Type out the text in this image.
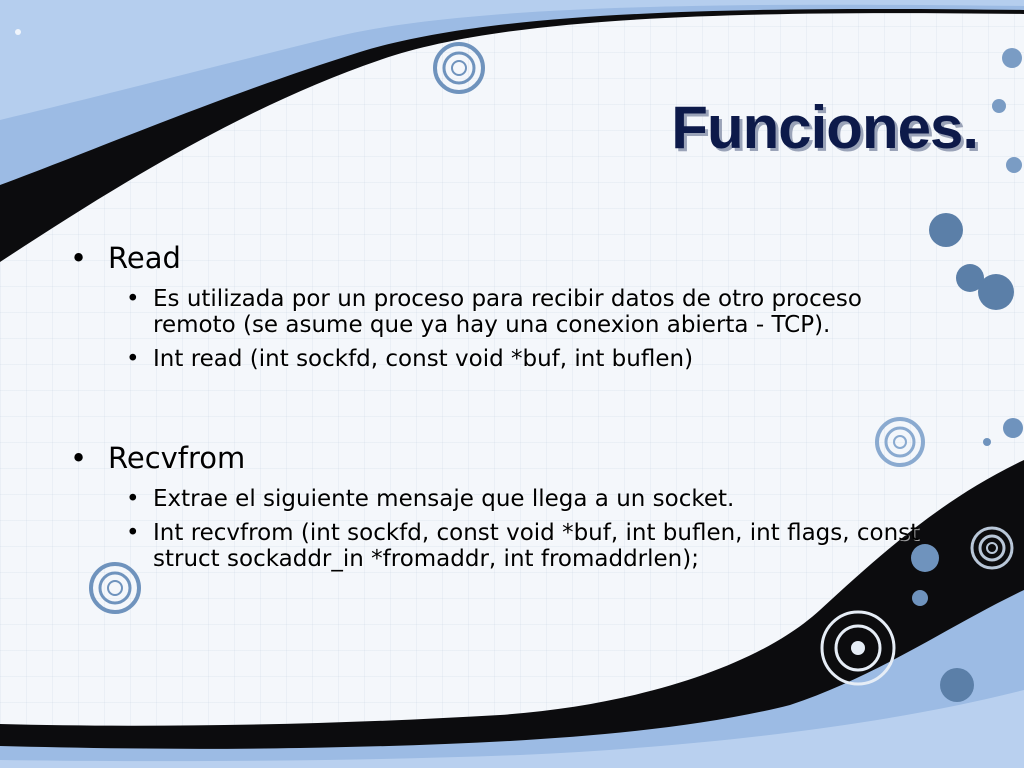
Funciones.
• Read
• Es utilizada por un proceso para recibir datos de otro proceso remoto (se asume que ya hay una conexion abierta - TCP).
• Int read (int sockfd, const void *buf, int buflen)
• Recvfrom
• Extrae el siguiente mensaje que llega a un socket.
• Int recvfrom (int sockfd, const void *buf, int buflen, int flags, const struct sockaddr_in *fromaddr, int fromaddrlen);
